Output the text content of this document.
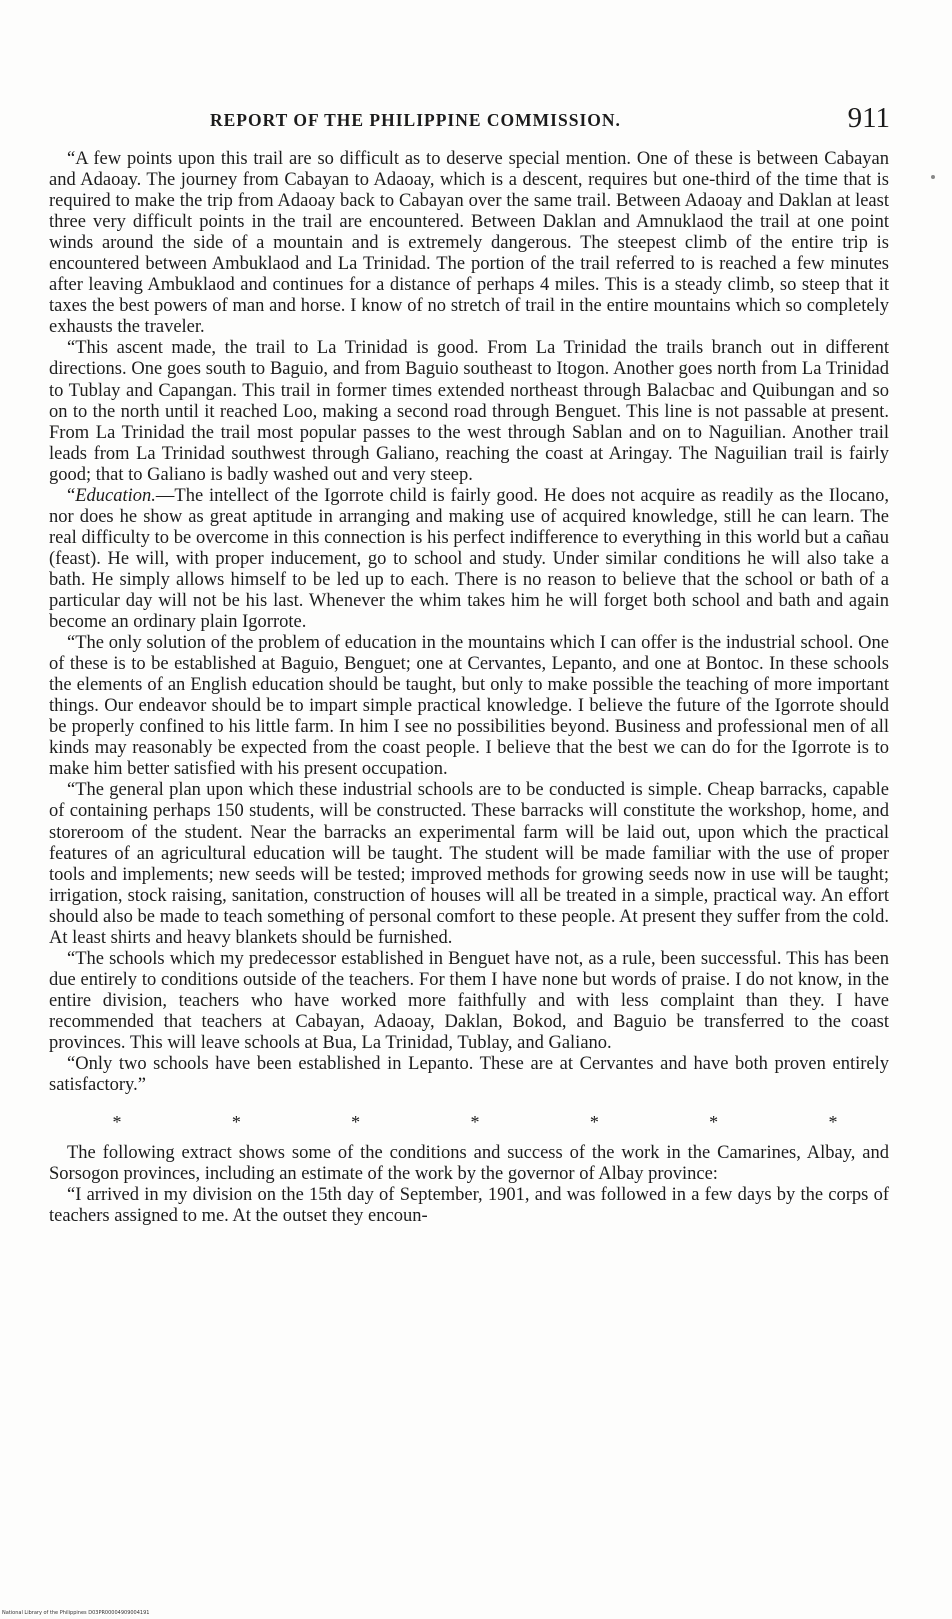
REPORT OF THE PHILIPPINE COMMISSION.	911

“A few points upon this trail are so difficult as to deserve special mention. One of these is between Cabayan and Adaoay. The journey from Cabayan to Adaoay, which is a descent, requires but one-third of the time that is required to make the trip from Adaoay back to Cabayan over the same trail. Between Adaoay and Daklan at least three very difficult points in the trail are encountered. Between Daklan and Amnuklaod the trail at one point winds around the side of a mountain and is extremely dangerous. The steepest climb of the entire trip is encountered between Ambuklaod and La Trinidad. The portion of the trail referred to is reached a few minutes after leaving Ambuklaod and continues for a distance of perhaps 4 miles. This is a steady climb, so steep that it taxes the best powers of man and horse. I know of no stretch of trail in the entire mountains which so completely exhausts the traveler.

“This ascent made, the trail to La Trinidad is good. From La Trinidad the trails branch out in different directions. One goes south to Baguio, and from Baguio southeast to Itogon. Another goes north from La Trinidad to Tublay and Capangan. This trail in former times extended northeast through Balacbac and Quibungan and so on to the north until it reached Loo, making a second road through Benguet. This line is not passable at present. From La Trinidad the trail most popular passes to the west through Sablan and on to Naguilian. Another trail leads from La Trinidad southwest through Galiano, reaching the coast at Aringay. The Naguilian trail is fairly good; that to Galiano is badly washed out and very steep.

“Education.—The intellect of the Igorrote child is fairly good. He does not acquire as readily as the Ilocano, nor does he show as great aptitude in arranging and making use of acquired knowledge, still he can learn. The real difficulty to be overcome in this connection is his perfect indifference to everything in this world but a cañau (feast). He will, with proper inducement, go to school and study. Under similar conditions he will also take a bath. He simply allows himself to be led up to each. There is no reason to believe that the school or bath of a particular day will not be his last. Whenever the whim takes him he will forget both school and bath and again become an ordinary plain Igorrote.

“The only solution of the problem of education in the mountains which I can offer is the industrial school. One of these is to be established at Baguio, Benguet; one at Cervantes, Lepanto, and one at Bontoc. In these schools the elements of an English education should be taught, but only to make possible the teaching of more important things. Our endeavor should be to impart simple practical knowledge. I believe the future of the Igorrote should be properly confined to his little farm. In him I see no possibilities beyond. Business and professional men of all kinds may reasonably be expected from the coast people. I believe that the best we can do for the Igorrote is to make him better satisfied with his present occupation.

“The general plan upon which these industrial schools are to be conducted is simple. Cheap barracks, capable of containing perhaps 150 students, will be constructed. These barracks will constitute the workshop, home, and storeroom of the student. Near the barracks an experimental farm will be laid out, upon which the practical features of an agricultural education will be taught. The student will be made familiar with the use of proper tools and implements; new seeds will be tested; improved methods for growing seeds now in use will be taught; irrigation, stock raising, sanitation, construction of houses will all be treated in a simple, practical way. An effort should also be made to teach something of personal comfort to these people. At present they suffer from the cold. At least shirts and heavy blankets should be furnished.

“The schools which my predecessor established in Benguet have not, as a rule, been successful. This has been due entirely to conditions outside of the teachers. For them I have none but words of praise. I do not know, in the entire division, teachers who have worked more faithfully and with less complaint than they. I have recommended that teachers at Cabayan, Adaoay, Daklan, Bokod, and Baguio be transferred to the coast provinces. This will leave schools at Bua, La Trinidad, Tublay, and Galiano.

“Only two schools have been established in Lepanto. These are at Cervantes and have both proven entirely satisfactory.”

*	*	*	*	*	*	*

The following extract shows some of the conditions and success of the work in the Camarines, Albay, and Sorsogon provinces, including an estimate of the work by the governor of Albay province:

“I arrived in my division on the 15th day of September, 1901, and was followed in a few days by the corps of teachers assigned to me. At the outset they encoun-

National Library of the Philippines D03PR00004909004191
